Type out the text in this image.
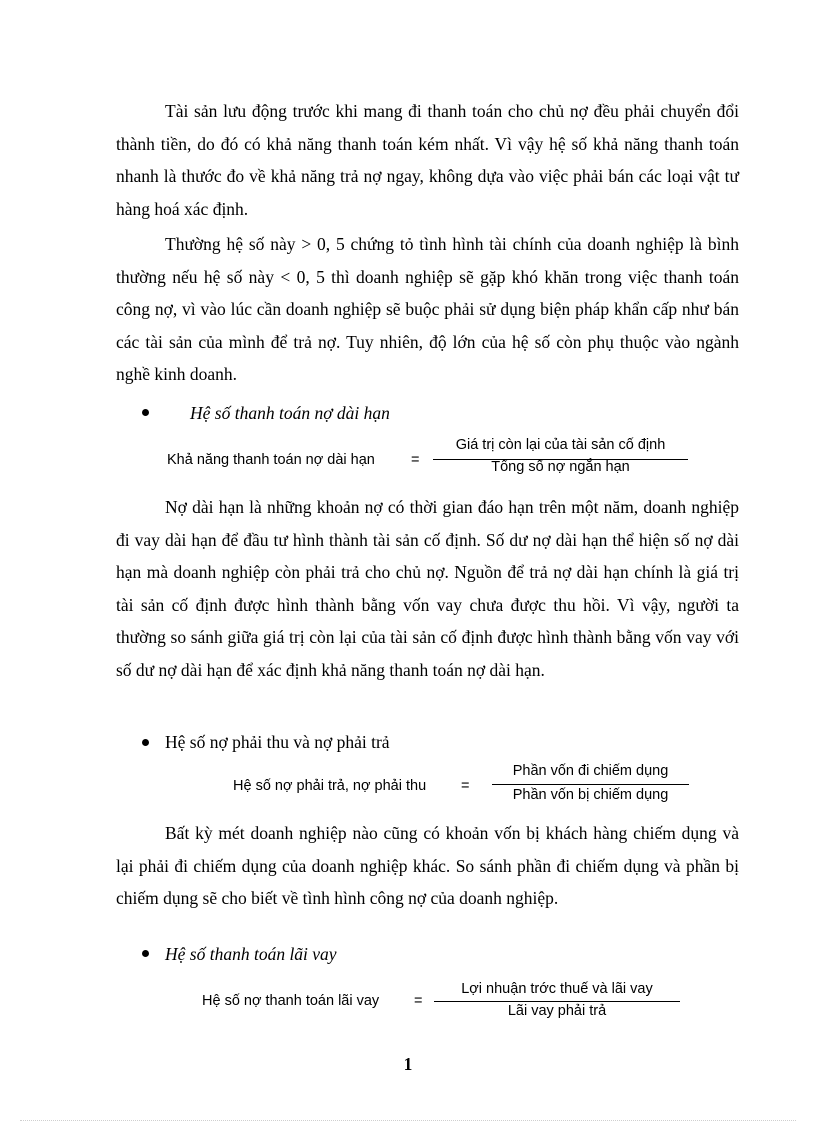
Tài sản lưu động trước khi mang đi thanh toán cho chủ nợ đều phải chuyển đổi thành tiền, do đó có khả năng thanh toán kém nhất. Vì vậy hệ số khả năng thanh toán nhanh là thước đo về khả năng trả nợ ngay, không dựa vào việc phải bán các loại vật tư hàng hoá xác định.

Thường hệ số này > 0, 5 chứng tỏ tình hình tài chính của doanh nghiệp là bình thường nếu hệ số này < 0, 5 thì doanh nghiệp sẽ gặp khó khăn trong việc thanh toán công nợ, vì vào lúc cần doanh nghiệp sẽ buộc phải sử dụng biện pháp khẩn cấp như bán các tài sản của mình để trả nợ. Tuy nhiên, độ lớn của hệ số còn phụ thuộc vào ngành nghề kinh doanh.

Hệ số thanh toán nợ dài hạn
Khả năng thanh toán nợ dài hạn =
Giá trị còn lại của tài sản cố định
Tổng số nợ ngắn hạn

Nợ dài hạn là những khoản nợ có thời gian đáo hạn trên một năm, doanh nghiệp đi vay dài hạn để đầu tư hình thành tài sản cố định. Số dư nợ dài hạn thể hiện số nợ dài hạn mà doanh nghiệp còn phải trả cho chủ nợ. Nguồn để trả nợ dài hạn chính là giá trị tài sản cố định được hình thành bằng vốn vay chưa được thu hồi. Vì vậy, người ta thường so sánh giữa giá trị còn lại của tài sản cố định được hình thành bằng vốn vay với số dư nợ dài hạn để xác định khả năng thanh toán nợ dài hạn.

Hệ số nợ phải thu và nợ phải trả
Hệ số nợ phải trả, nợ phải thu =
Phần vốn đi chiếm dụng
Phần vốn bị chiếm dụng

Bất kỳ mét doanh nghiệp nào cũng có khoản vốn bị khách hàng chiếm dụng và lại phải đi chiếm dụng của doanh nghiệp khác. So sánh phần đi chiếm dụng và phần bị chiếm dụng sẽ cho biết về tình hình công nợ của doanh nghiệp.

Hệ số thanh toán lãi vay
Hệ số nợ thanh toán lãi vay =
Lợi nhuận trớc thuế và lãi vay
Lãi vay phải trả
1
